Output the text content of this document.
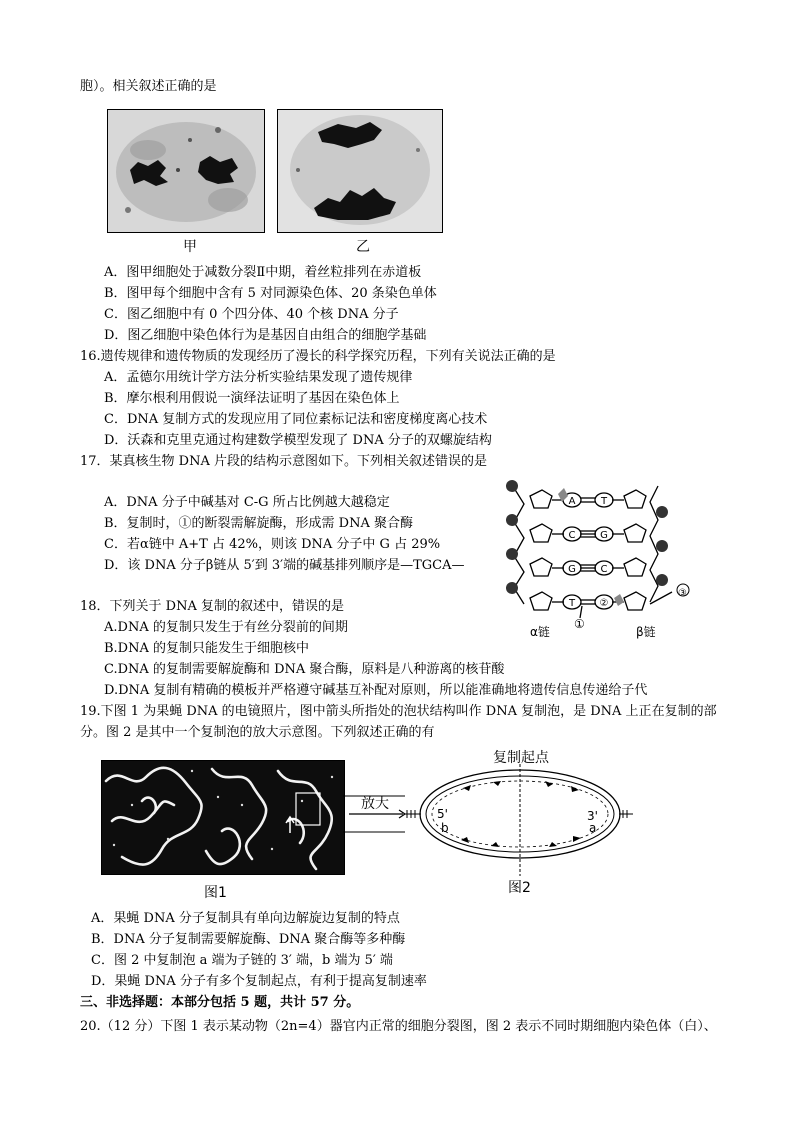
胞）。相关叙述正确的是
甲	乙
A．图甲细胞处于减数分裂Ⅱ中期，着丝粒排列在赤道板
B．图甲每个细胞中含有 5 对同源染色体、20 条染色单体
C．图乙细胞中有 0 个四分体、40 个核 DNA 分子
D．图乙细胞中染色体行为是基因自由组合的细胞学基础
16.遗传规律和遗传物质的发现经历了漫长的科学探究历程，下列有关说法正确的是
A．孟德尔用统计学方法分析实验结果发现了遗传规律
B．摩尔根利用假说一演绎法证明了基因在染色体上
C．DNA 复制方式的发现应用了同位素标记法和密度梯度离心技术
D．沃森和克里克通过构建数学模型发现了 DNA 分子的双螺旋结构
17．某真核生物 DNA 片段的结构示意图如下。下列相关叙述错误的是
A．DNA 分子中碱基对 C-G 所占比例越大越稳定
B．复制时，①的断裂需解旋酶，形成需 DNA 聚合酶
C．若α链中 A+T 占 42%，则该 DNA 分子中 G 占 29%
D．该 DNA 分子β链从 5′到 3′端的碱基排列顺序是—TGCA—
A	T
C G
G C
T ②
①
③
α链	β链
18．下列关于 DNA 复制的叙述中，错误的是
A.DNA 的复制只发生于有丝分裂前的间期
B.DNA 的复制只能发生于细胞核中
C.DNA 的复制需要解旋酶和 DNA 聚合酶，原料是八种游离的核苷酸
D.DNA 复制有精确的模板并严格遵守碱基互补配对原则，所以能准确地将遗传信息传递给子代
19.下图 1 为果蝇 DNA 的电镜照片，图中箭头所指处的泡状结构叫作 DNA 复制泡，是 DNA 上正在复制的部
分。图 2 是其中一个复制泡的放大示意图。下列叙述正确的有
图1
放大
复制起点
5'
b
3'
a
图2
A．果蝇 DNA 分子复制具有单向边解旋边复制的特点
B．DNA 分子复制需要解旋酶、DNA 聚合酶等多种酶
C．图 2 中复制泡 a 端为子链的 3′ 端，b 端为 5′ 端
D．果蝇 DNA 分子有多个复制起点，有利于提高复制速率
三、非选择题：本部分包括 5 题，共计 57 分。
20.（12 分）下图 1 表示某动物（2n=4）器官内正常的细胞分裂图，图 2 表示不同时期细胞内染色体（白）、
